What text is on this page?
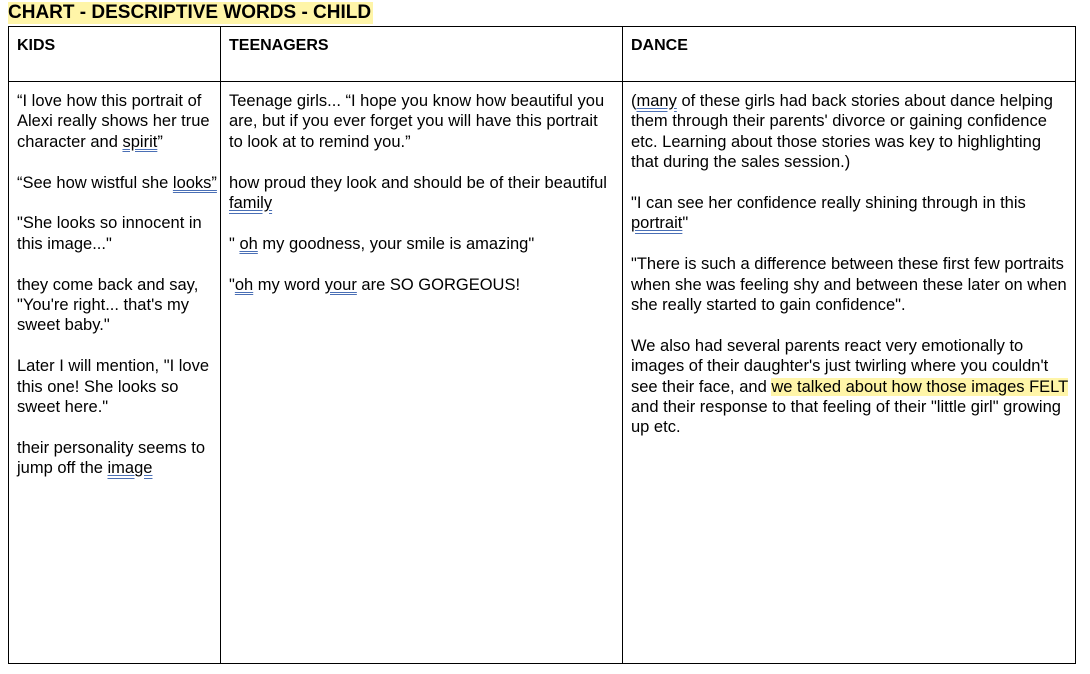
CHART - DESCRIPTIVE WORDS - CHILD
KIDS	TEENAGERS	DANCE

“I love how this portrait of Alexi really shows her true character and spirit”

“See how wistful she looks”

"She looks so innocent in this image..."

they come back and say, "You're right... that's my sweet baby."

Later I will mention, "I love this one! She looks so sweet here."

their personality seems to jump off the image

Teenage girls... “I hope you know how beautiful you are, but if you ever forget you will have this portrait to look at to remind you.”

how proud they look and should be of their beautiful family

" oh my goodness, your smile is amazing"

"oh my word your are SO GORGEOUS!

(many of these girls had back stories about dance helping them through their parents' divorce or gaining confidence etc. Learning about those stories was key to highlighting that during the sales session.)

"I can see her confidence really shining through in this portrait"

"There is such a difference between these first few portraits when she was feeling shy and between these later on when she really started to gain confidence".

We also had several parents react very emotionally to images of their daughter's just twirling where you couldn't see their face, and we talked about how those images FELT and their response to that feeling of their "little girl" growing up etc.
